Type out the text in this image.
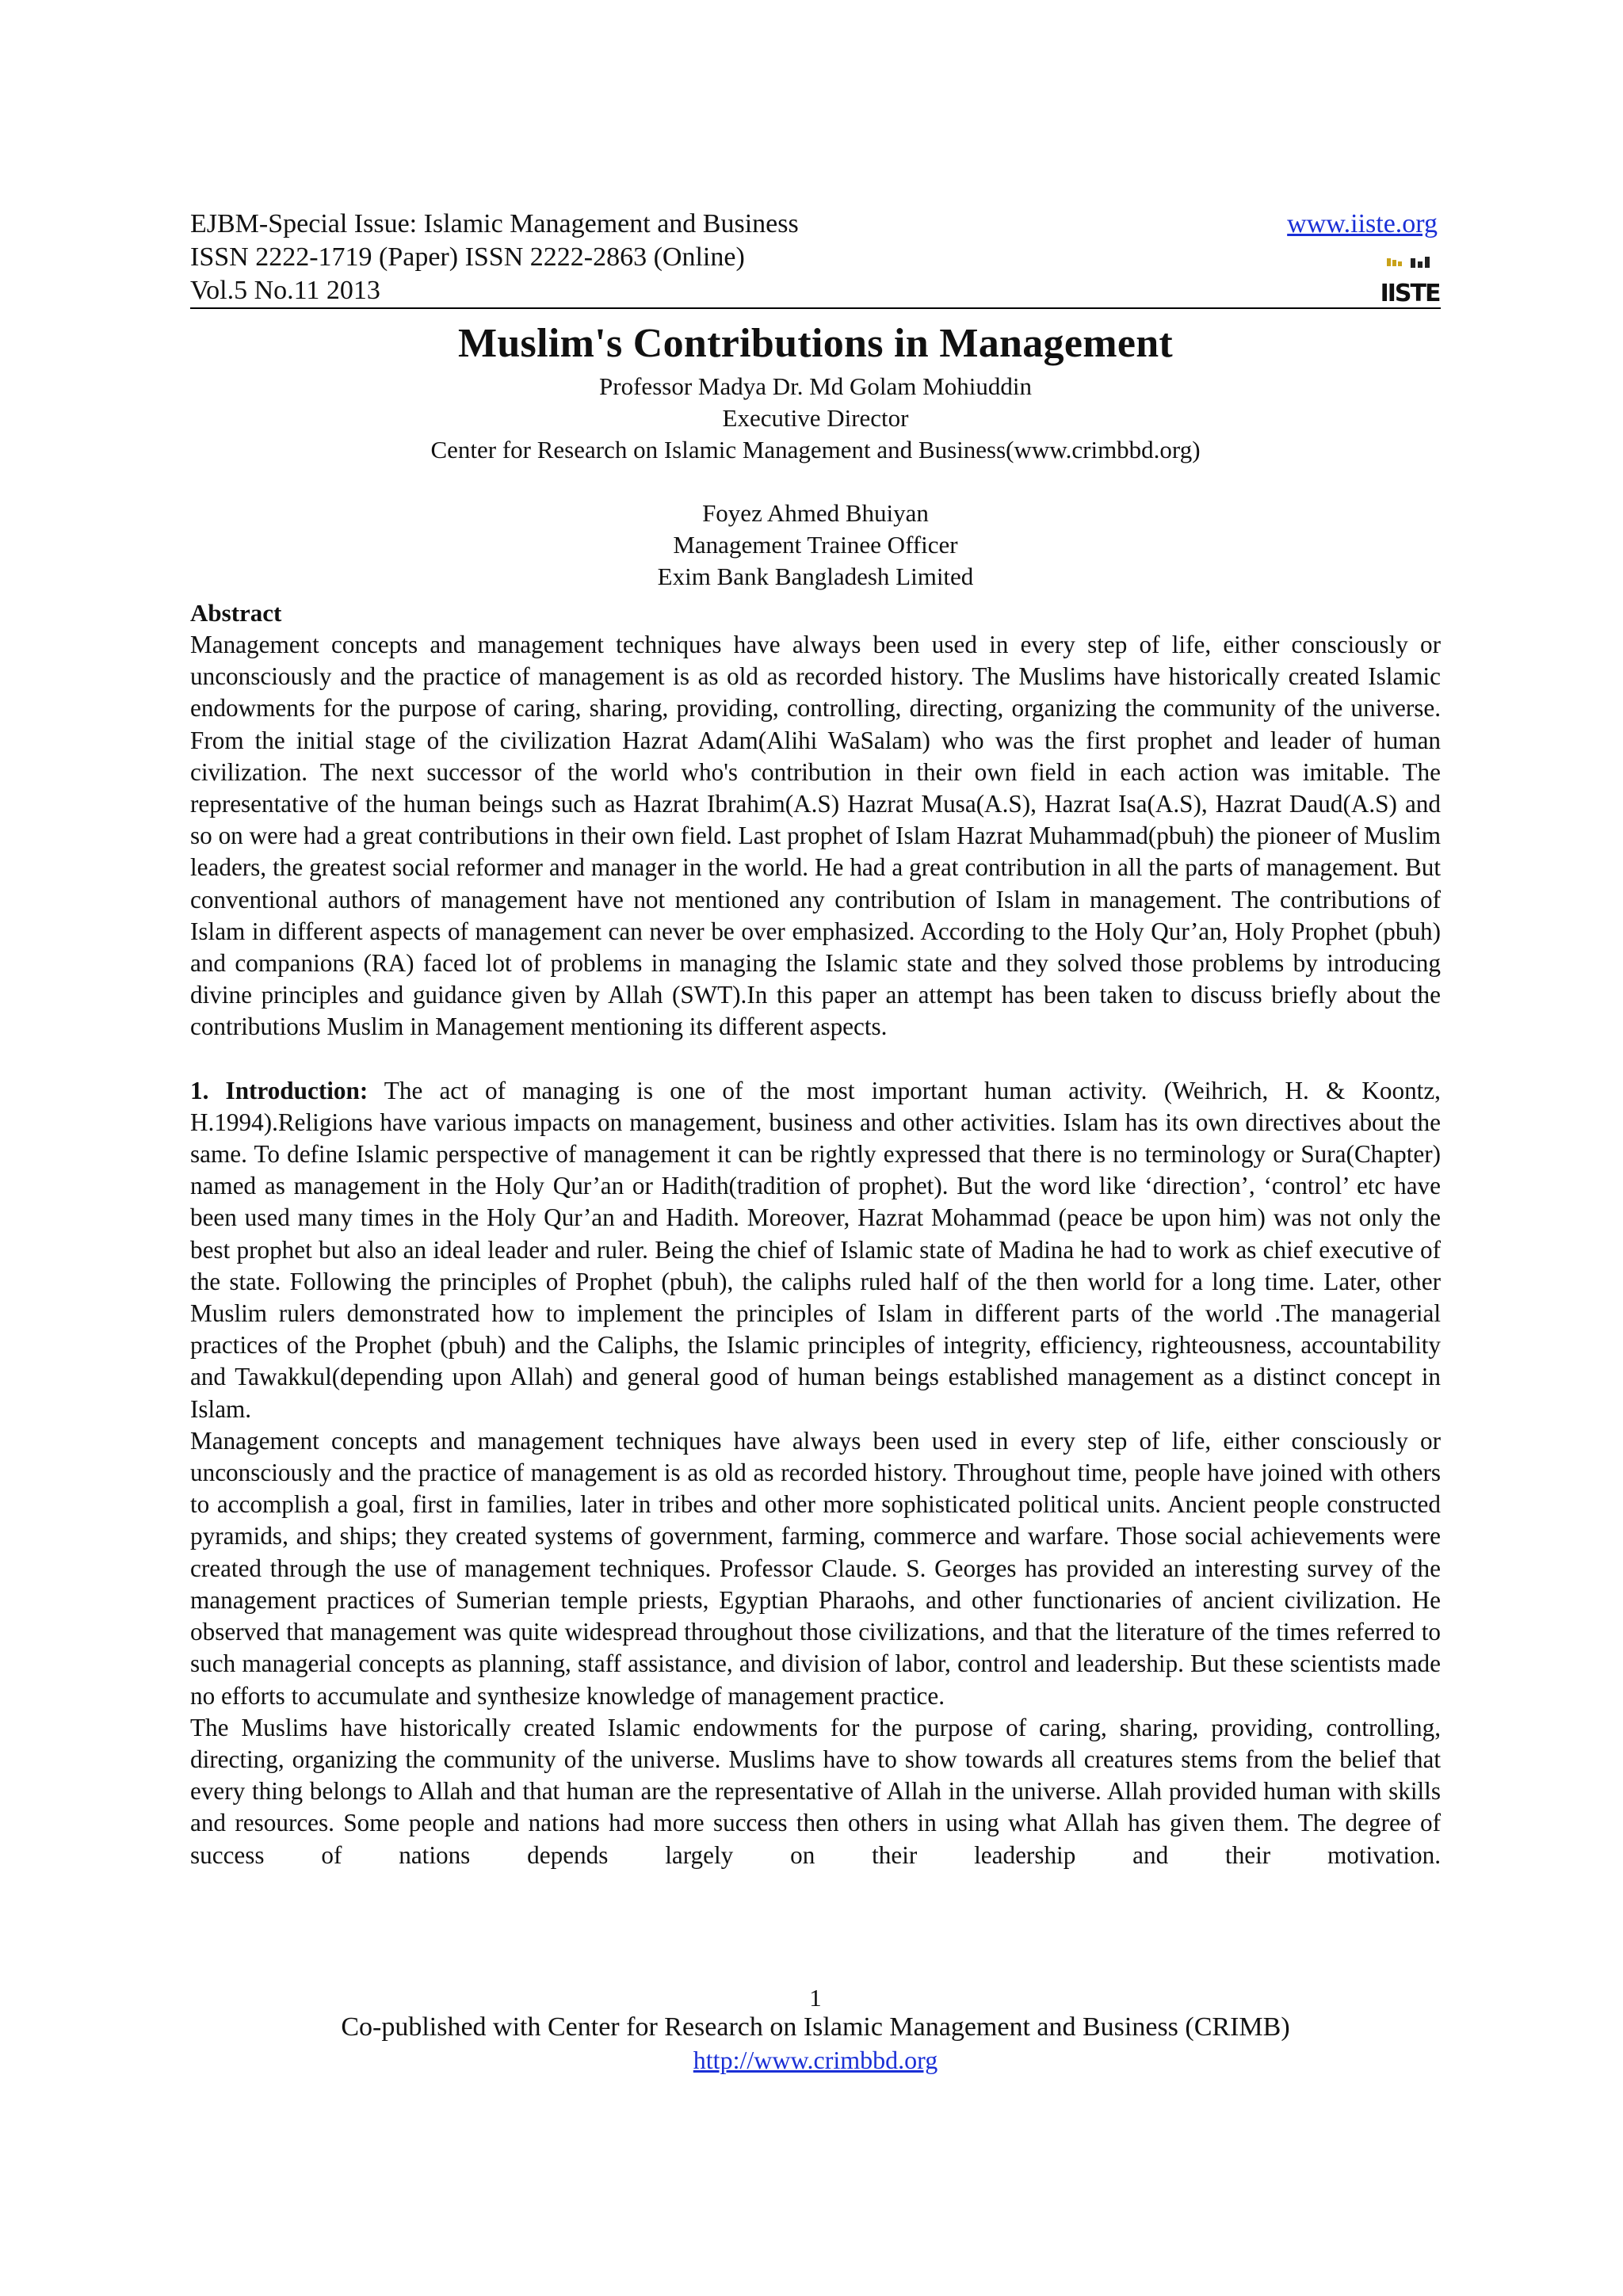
EJBM-Special Issue: Islamic Management and Business
ISSN 2222-1719 (Paper) ISSN 2222-2863 (Online)
Vol.5 No.11 2013
www.iiste.org
IISTE
Muslim's Contributions in Management
Professor Madya Dr. Md Golam Mohiuddin
Executive Director
Center for Research on Islamic Management and Business(www.crimbbd.org)
Foyez Ahmed Bhuiyan
Management Trainee Officer
Exim Bank Bangladesh Limited
Abstract

Management concepts and management techniques have always been used in every step of life, either consciously or unconsciously and the practice of management is as old as recorded history. The Muslims have historically created Islamic endowments for the purpose of caring, sharing, providing, controlling, directing, organizing the community of the universe. From the initial stage of the civilization Hazrat Adam(Alihi WaSalam) who was the first prophet and leader of human civilization. The next successor of the world who's contribution in their own field in each action was imitable. The representative of the human beings such as Hazrat Ibrahim(A.S) Hazrat Musa(A.S), Hazrat Isa(A.S), Hazrat Daud(A.S) and so on were had a great contributions in their own field. Last prophet of Islam Hazrat Muhammad(pbuh) the pioneer of Muslim leaders, the greatest social reformer and manager in the world. He had a great contribution in all the parts of management. But conventional authors of management have not mentioned any contribution of Islam in management. The contributions of Islam in different aspects of management can never be over emphasized. According to the Holy Qur’an, Holy Prophet (pbuh) and companions (RA) faced lot of problems in managing the Islamic state and they solved those problems by introducing divine principles and guidance given by Allah (SWT).In this paper an attempt has been taken to discuss briefly about the contributions Muslim in Management mentioning its different aspects.

1. Introduction: The act of managing is one of the most important human activity. (Weihrich, H. & Koontz, H.1994).Religions have various impacts on management, business and other activities. Islam has its own directives about the same. To define Islamic perspective of management it can be rightly expressed that there is no terminology or Sura(Chapter) named as management in the Holy Qur’an or Hadith(tradition of prophet). But the word like ‘direction’, ‘control’ etc have been used many times in the Holy Qur’an and Hadith. Moreover, Hazrat Mohammad (peace be upon him) was not only the best prophet but also an ideal leader and ruler. Being the chief of Islamic state of Madina he had to work as chief executive of the state. Following the principles of Prophet (pbuh), the caliphs ruled half of the then world for a long time. Later, other Muslim rulers demonstrated how to implement the principles of Islam in different parts of the world .The managerial practices of the Prophet (pbuh) and the Caliphs, the Islamic principles of integrity, efficiency, righteousness, accountability and Tawakkul(depending upon Allah) and general good of human beings established management as a distinct concept in Islam.

Management concepts and management techniques have always been used in every step of life, either consciously or unconsciously and the practice of management is as old as recorded history. Throughout time, people have joined with others to accomplish a goal, first in families, later in tribes and other more sophisticated political units. Ancient people constructed pyramids, and ships; they created systems of government, farming, commerce and warfare. Those social achievements were created through the use of management techniques. Professor Claude. S. Georges has provided an interesting survey of the management practices of Sumerian temple priests, Egyptian Pharaohs, and other functionaries of ancient civilization. He observed that management was quite widespread throughout those civilizations, and that the literature of the times referred to such managerial concepts as planning, staff assistance, and division of labor, control and leadership. But these scientists made no efforts to accumulate and synthesize knowledge of management practice.

The Muslims have historically created Islamic endowments for the purpose of caring, sharing, providing, controlling, directing, organizing the community of the universe. Muslims have to show towards all creatures stems from the belief that every thing belongs to Allah and that human are the representative of Allah in the universe. Allah provided human with skills and resources. Some people and nations had more success then others in using what Allah has given them. The degree of success of nations depends largely on their leadership and their motivation.

1
Co-published with Center for Research on Islamic Management and Business (CRIMB)
http://www.crimbbd.org
